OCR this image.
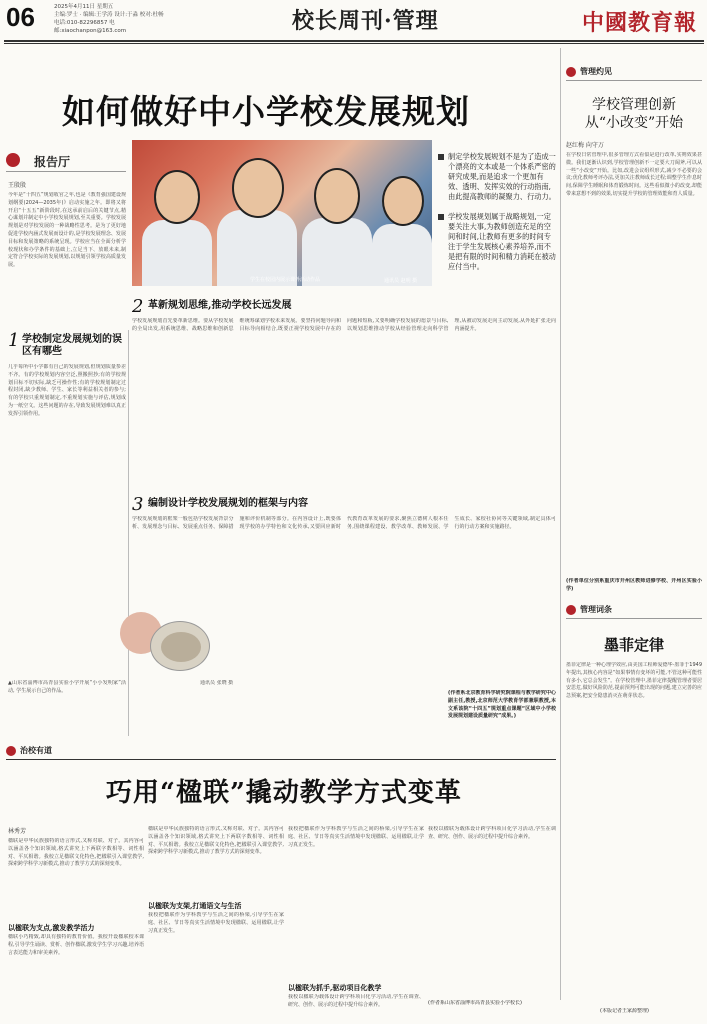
06	2025年4月11日 星期五
主编:罗士 · 编辑:王学涛 设计:于淼 校对:杜畅
电话:010-82296857 电邮:xiaochanpon@163.com	校长周刊·管理	中國教育報
如何做好中小学校发展规划
报告厅
王殷殷
今年是“十四五”规划收官之年,也是《教育强国建设规划纲要(2024—2035年)》启动实施之年。即将又将开启“十五五”新阶段时,在这承前启后的关键节点,精心谋划并制定中小学校发展规划,至关重要。学校发展规划是对学校发展的一种战略性思考。是为了更好地促进学校内涵式发展而设计的,是学校发展理念、发展目标和发展策略的系统呈现。学校应当在全面分析学校现状和办学条件的基础上,立足当下、放眼未来,制定符合学校实际的发展规划,以规划引领学校高质量发展。
学生在校园内展示课外活动作品	通讯员 赵明 摄
制定学校发展规划不是为了造成一个漂亮的文本或是一个体系严密的研究成果,而是追求一个更加有效、透明、发挥实效的行动指南,由此提高教师的凝聚力、行动力。
学校发展规划属于战略规划,一定要关注大事,为教师创造充足的空间和时间,让教师有更多的时间专注于学生发展核心素养培养,而不是把有限的时间和精力消耗在被动应付当中。
1 学校制定发展规划的误区有哪些
几乎每所中小学都有自己的发展规划,但规划质量参差不齐。有的学校规划内容空泛,照搬照抄;有的学校规划目标不切实际,缺乏可操作性;有的学校规划制定过程封闭,缺少教师、学生、家长等利益相关者的参与;有的学校只重规划制定,不重规划实施与评估,规划成为一纸空文。这些问题的存在,导致发展规划难以真正发挥引领作用。
▲山东省淄博市高青县实验小学开展“小小发明家”活动, 学生展示自己的作品。
通讯员 张晓 摄
2 革新规划思维,推动学校长远发展
学校发展规划首先要革新思维。要从学校发展的全局出发,用系统思维、战略思维和创新思维统筹谋划学校未来发展。要坚持问题导向和目标导向相结合,既要正视学校发展中存在的问题和短板,又要明确学校发展的愿景与目标,以规划思维推动学校从经验管理走向科学管理,从被动发展走向主动发展,从外延扩张走向内涵提升。
3 编制设计学校发展规划的框架与内容
学校发展规划的框架一般包括学校发展背景分析、发展理念与目标、发展重点任务、保障措施和评价机制等部分。在内容设计上,既要体现学校的办学特色和文化传承,又要回应新时代教育改革发展的要求,聚焦立德树人根本任务,围绕课程建设、教学改革、教师发展、学生成长、家校社协同等关键领域,制定具体可行的行动方案和实施路径。
(作者系北京教育科学研究院课程与教学研究中心副主任,教授,北京师范大学教育学部兼职教授,本文系该院“十四五”规划重点课题“区域中小学校发展规划建设质量研究”成果。)
管理灼见
学校管理创新
从“小改变”开始
赵红梅 向守万
在学校日常管理中,很多管理方式看似是进行改革,实则效果甚微。我们逐渐认识到,学校管理创新不一定要大刀阔斧,可以从一些“小改变”开始。比如,改进会议组织形式,减少不必要的会议;优化教师考评办法,更加关注教师成长过程;调整学生作息时间,保障学生睡眠和体育锻炼时间。这些看似微小的改变,却能带来意想不到的效果,切实提升学校的管理效能和育人质量。
(作者单位分别系重庆市开州区教师进修学校、开州区实验小学)
管理词条
墨菲定律
墨菲定律是一种心理学效应,由美国工程师爱德华·墨菲于1949年提出,其核心内容是“如果事情有变坏的可能,不管这种可能性有多小,它总会发生”。在学校管理中,墨菲定律提醒管理者要居安思危,做好风险防范,提前预判可能出现的问题,建立完善的应急预案,把安全隐患消灭在萌芽状态。
(本版记者王家源整理)
治校有道
巧用“楹联”撬动教学方式变革
林秀芳
楹联是中华民族独特的语言形式,又称对联、对子。其内容可以涵盖各个知识领域,格式讲究上下两联字数相等、词性相对、平仄相谐。我校立足楹联文化特色,把楹联引入课堂教学,探索跨学科学习新模式,推动了教学方式的深刻变革。
以楹联为支点,激发教学活力
楹联小巧精致,却具有独特的教育价值。我校开设楹联校本课程,引导学生诵读、赏析、创作楹联,激发学生学习兴趣,培养语言表达能力和审美素养。
楹联是中华民族独特的语言形式,又称对联、对子。其内容可以涵盖各个知识领域,格式讲究上下两联字数相等、词性相对、平仄相谐。我校立足楹联文化特色,把楹联引入课堂教学,探索跨学科学习新模式,推动了教学方式的深刻变革。
以楹联为支架,打通语文与生活
我校把楹联作为学科教学与生活之间的桥梁,引导学生在家庭、社区、节日等真实生活情境中发现楹联、运用楹联,让学习真正发生。
我校把楹联作为学科教学与生活之间的桥梁,引导学生在家庭、社区、节日等真实生活情境中发现楹联、运用楹联,让学习真正发生。
以楹联为抓手,驱动项目化教学
我校以楹联为载体设计跨学科项目化学习活动,学生在调查、研究、创作、展示的过程中提升综合素养。
我校以楹联为载体设计跨学科项目化学习活动,学生在调查、研究、创作、展示的过程中提升综合素养。
(作者系山东省淄博市高青县实验小学校长)
